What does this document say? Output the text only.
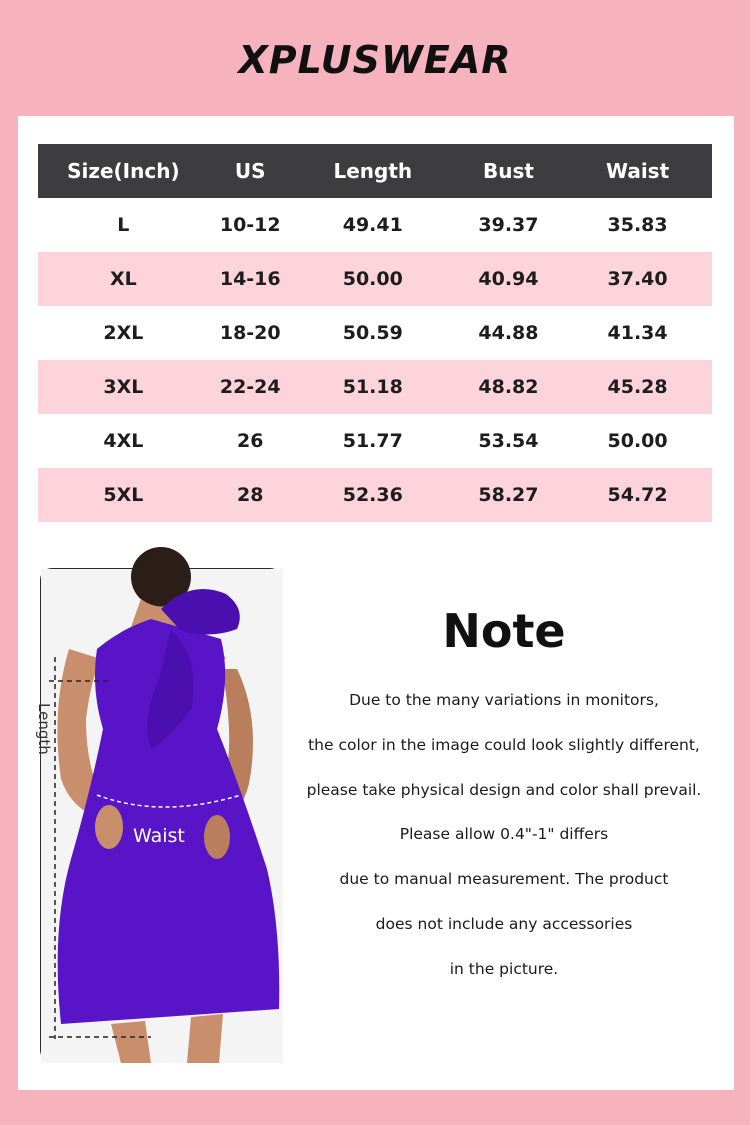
XPLUSWEAR
Size(Inch)	US	Length	Bust	Waist
L	10-12	49.41	39.37	35.83
XL	14-16	50.00	40.94	37.40
2XL	18-20	50.59	44.88	41.34
3XL	22-24	51.18	48.82	45.28
4XL	26	51.77	53.54	50.00
5XL	28	52.36	58.27	54.72
Length
Waist
Note
Due to the many variations in monitors,
the color in the image could look slightly different,
please take physical design and color shall prevail.
Please allow 0.4"-1" differs
due to manual measurement. The product
does not include any accessories
in the picture.
